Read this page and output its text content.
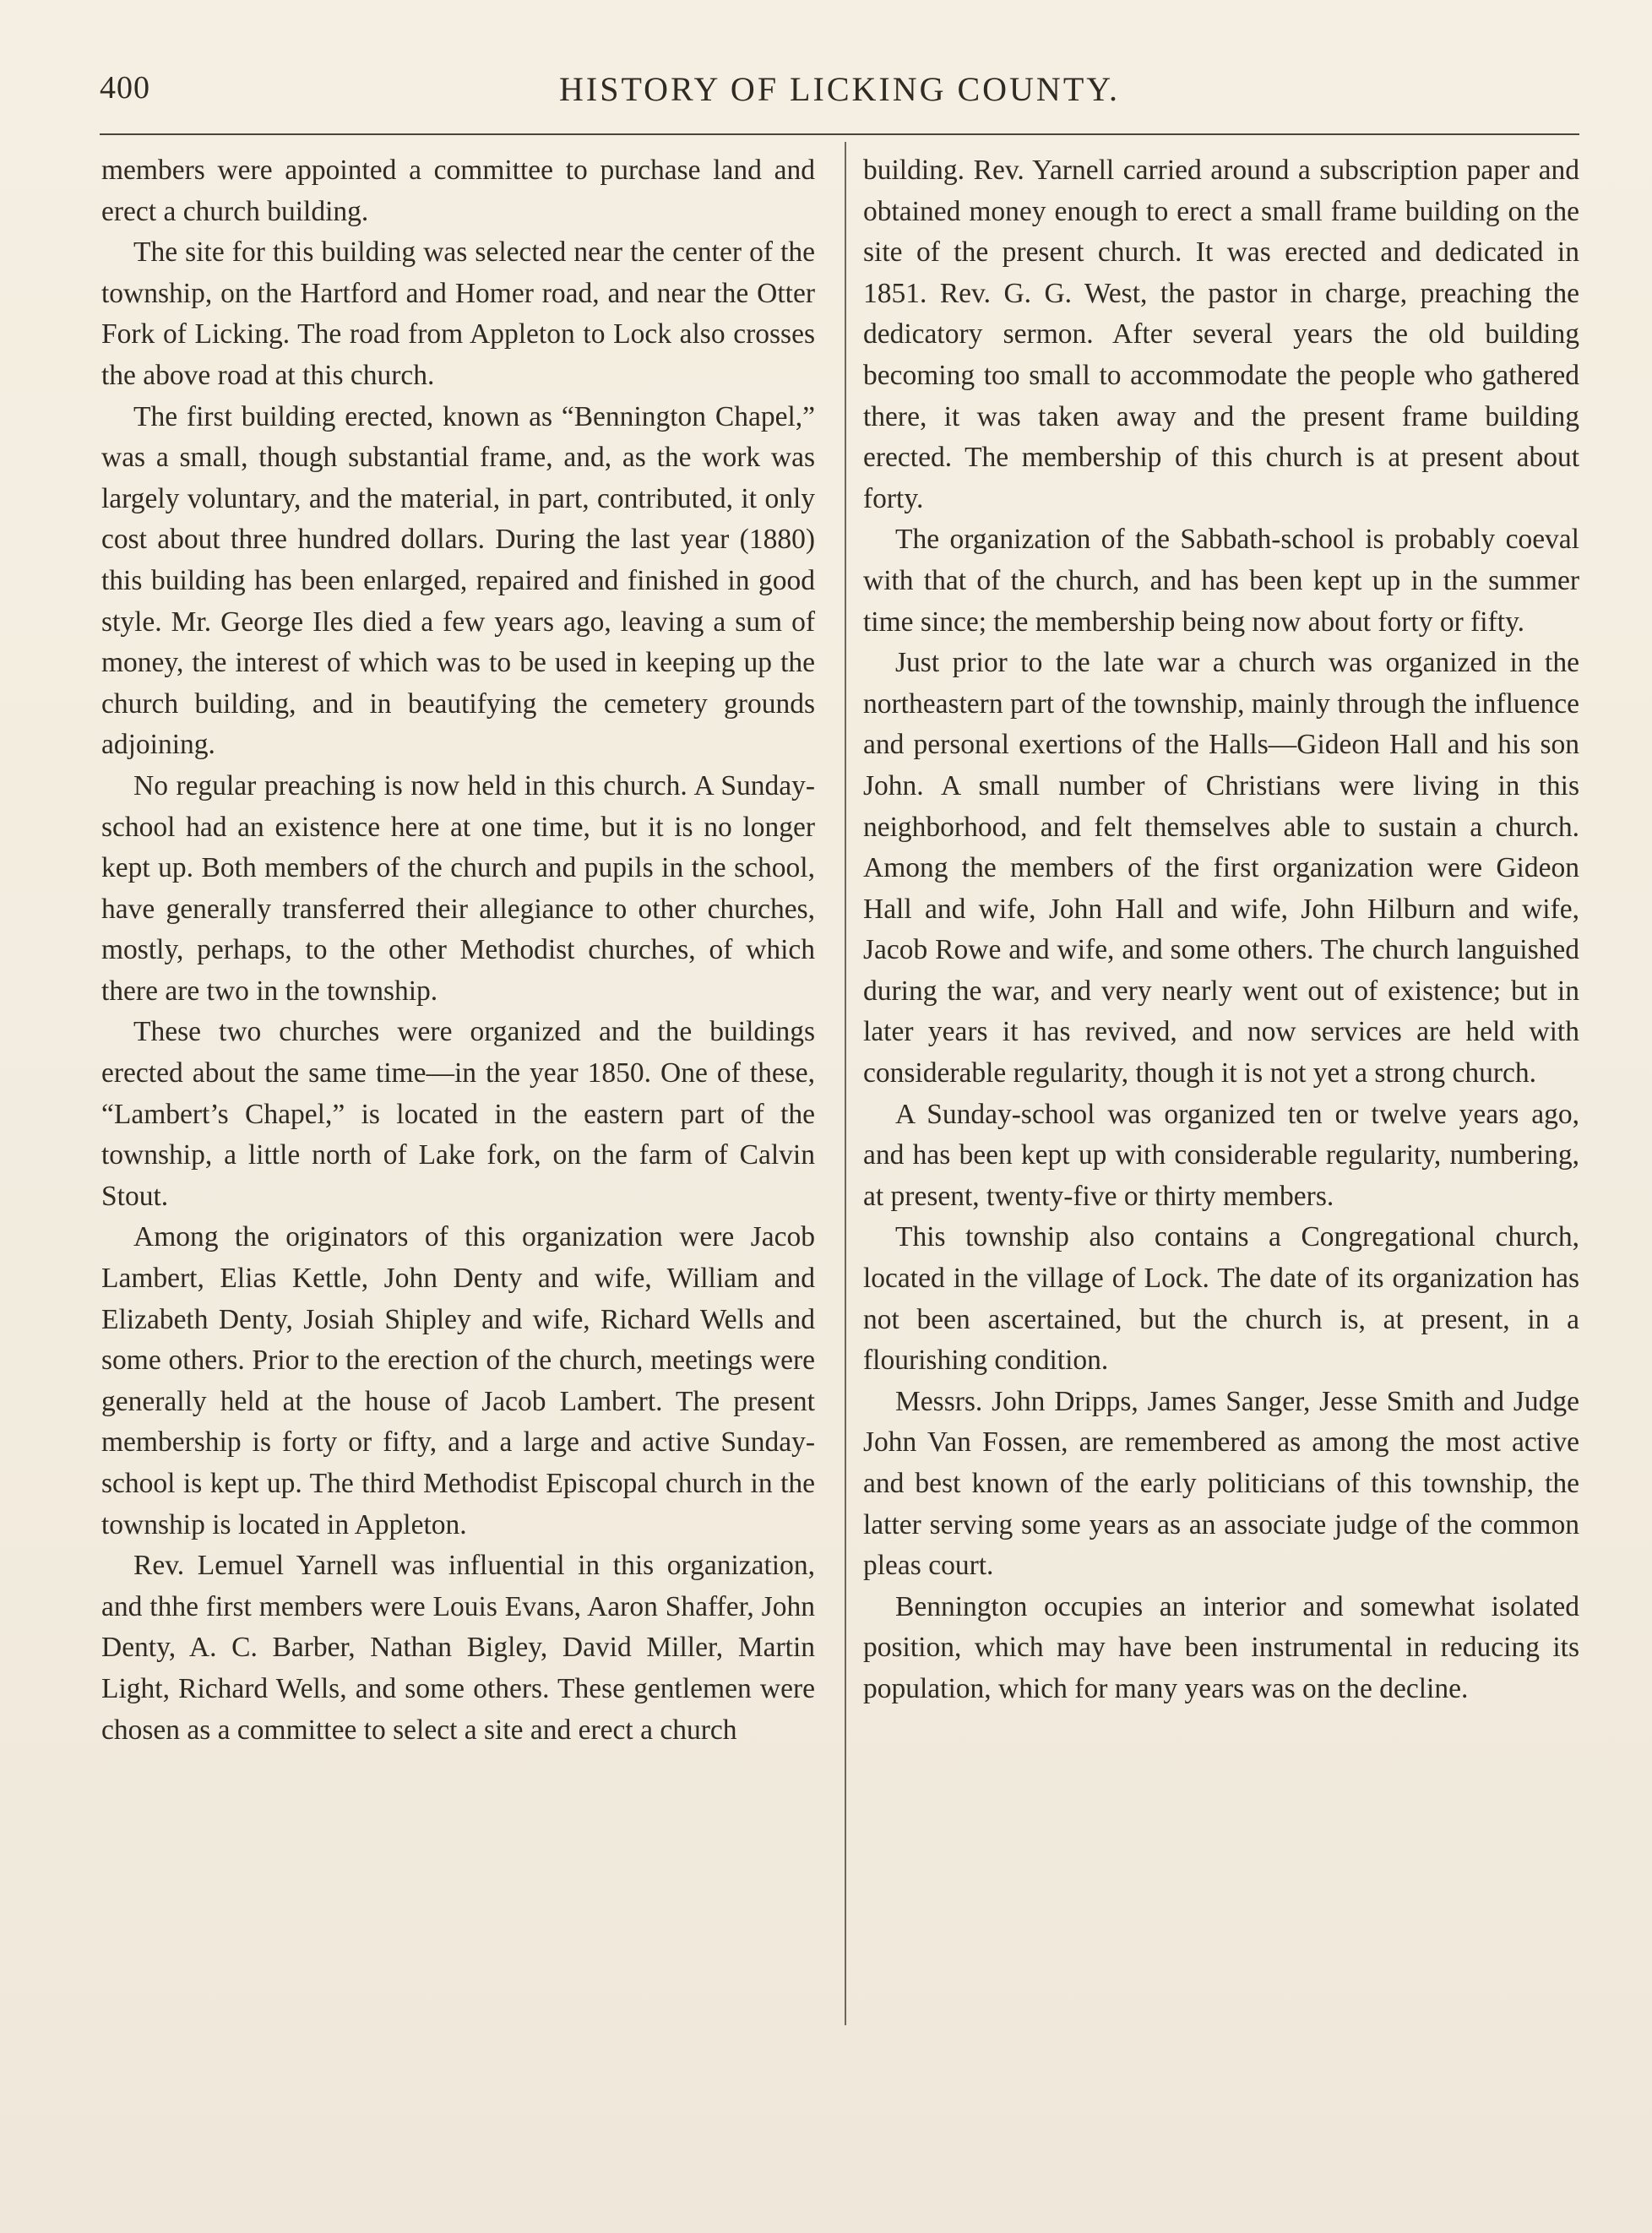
400	HISTORY OF LICKING COUNTY.

members were appointed a committee to purchase land and erect a church building.

The site for this building was selected near the center of the township, on the Hartford and Homer road, and near the Otter Fork of Licking. The road from Appleton to Lock also crosses the above road at this church.

The first building erected, known as “Bennington Chapel,” was a small, though substantial frame, and, as the work was largely voluntary, and the material, in part, contributed, it only cost about three hundred dollars. During the last year (1880) this building has been enlarged, repaired and finished in good style. Mr. George Iles died a few years ago, leaving a sum of money, the interest of which was to be used in keeping up the church building, and in beautifying the cemetery grounds adjoining.

No regular preaching is now held in this church. A Sunday-school had an existence here at one time, but it is no longer kept up. Both members of the church and pupils in the school, have generally transferred their allegiance to other churches, mostly, perhaps, to the other Methodist churches, of which there are two in the township.

These two churches were organized and the buildings erected about the same time—in the year 1850. One of these, “Lambert’s Chapel,” is located in the eastern part of the township, a little north of Lake fork, on the farm of Calvin Stout.

Among the originators of this organization were Jacob Lambert, Elias Kettle, John Denty and wife, William and Elizabeth Denty, Josiah Shipley and wife, Richard Wells and some others. Prior to the erection of the church, meetings were generally held at the house of Jacob Lambert. The present membership is forty or fifty, and a large and active Sunday-school is kept up. The third Methodist Episcopal church in the township is located in Appleton.

Rev. Lemuel Yarnell was influential in this organization, and thhe first members were Louis Evans, Aaron Shaffer, John Denty, A. C. Barber, Nathan Bigley, David Miller, Martin Light, Richard Wells, and some others. These gentlemen were chosen as a committee to select a site and erect a church

building. Rev. Yarnell carried around a subscription paper and obtained money enough to erect a small frame building on the site of the present church. It was erected and dedicated in 1851. Rev. G. G. West, the pastor in charge, preaching the dedicatory sermon. After several years the old building becoming too small to accommodate the people who gathered there, it was taken away and the present frame building erected. The membership of this church is at present about forty.

The organization of the Sabbath-school is probably coeval with that of the church, and has been kept up in the summer time since; the membership being now about forty or fifty.

Just prior to the late war a church was organized in the northeastern part of the township, mainly through the influence and personal exertions of the Halls—Gideon Hall and his son John. A small number of Christians were living in this neighborhood, and felt themselves able to sustain a church. Among the members of the first organization were Gideon Hall and wife, John Hall and wife, John Hilburn and wife, Jacob Rowe and wife, and some others. The church languished during the war, and very nearly went out of existence; but in later years it has revived, and now services are held with considerable regularity, though it is not yet a strong church.

A Sunday-school was organized ten or twelve years ago, and has been kept up with considerable regularity, numbering, at present, twenty-five or thirty members.

This township also contains a Congregational church, located in the village of Lock. The date of its organization has not been ascertained, but the church is, at present, in a flourishing condition.

Messrs. John Dripps, James Sanger, Jesse Smith and Judge John Van Fossen, are remembered as among the most active and best known of the early politicians of this township, the latter serving some years as an associate judge of the common pleas court.

Bennington occupies an interior and somewhat isolated position, which may have been instrumental in reducing its population, which for many years was on the decline.
